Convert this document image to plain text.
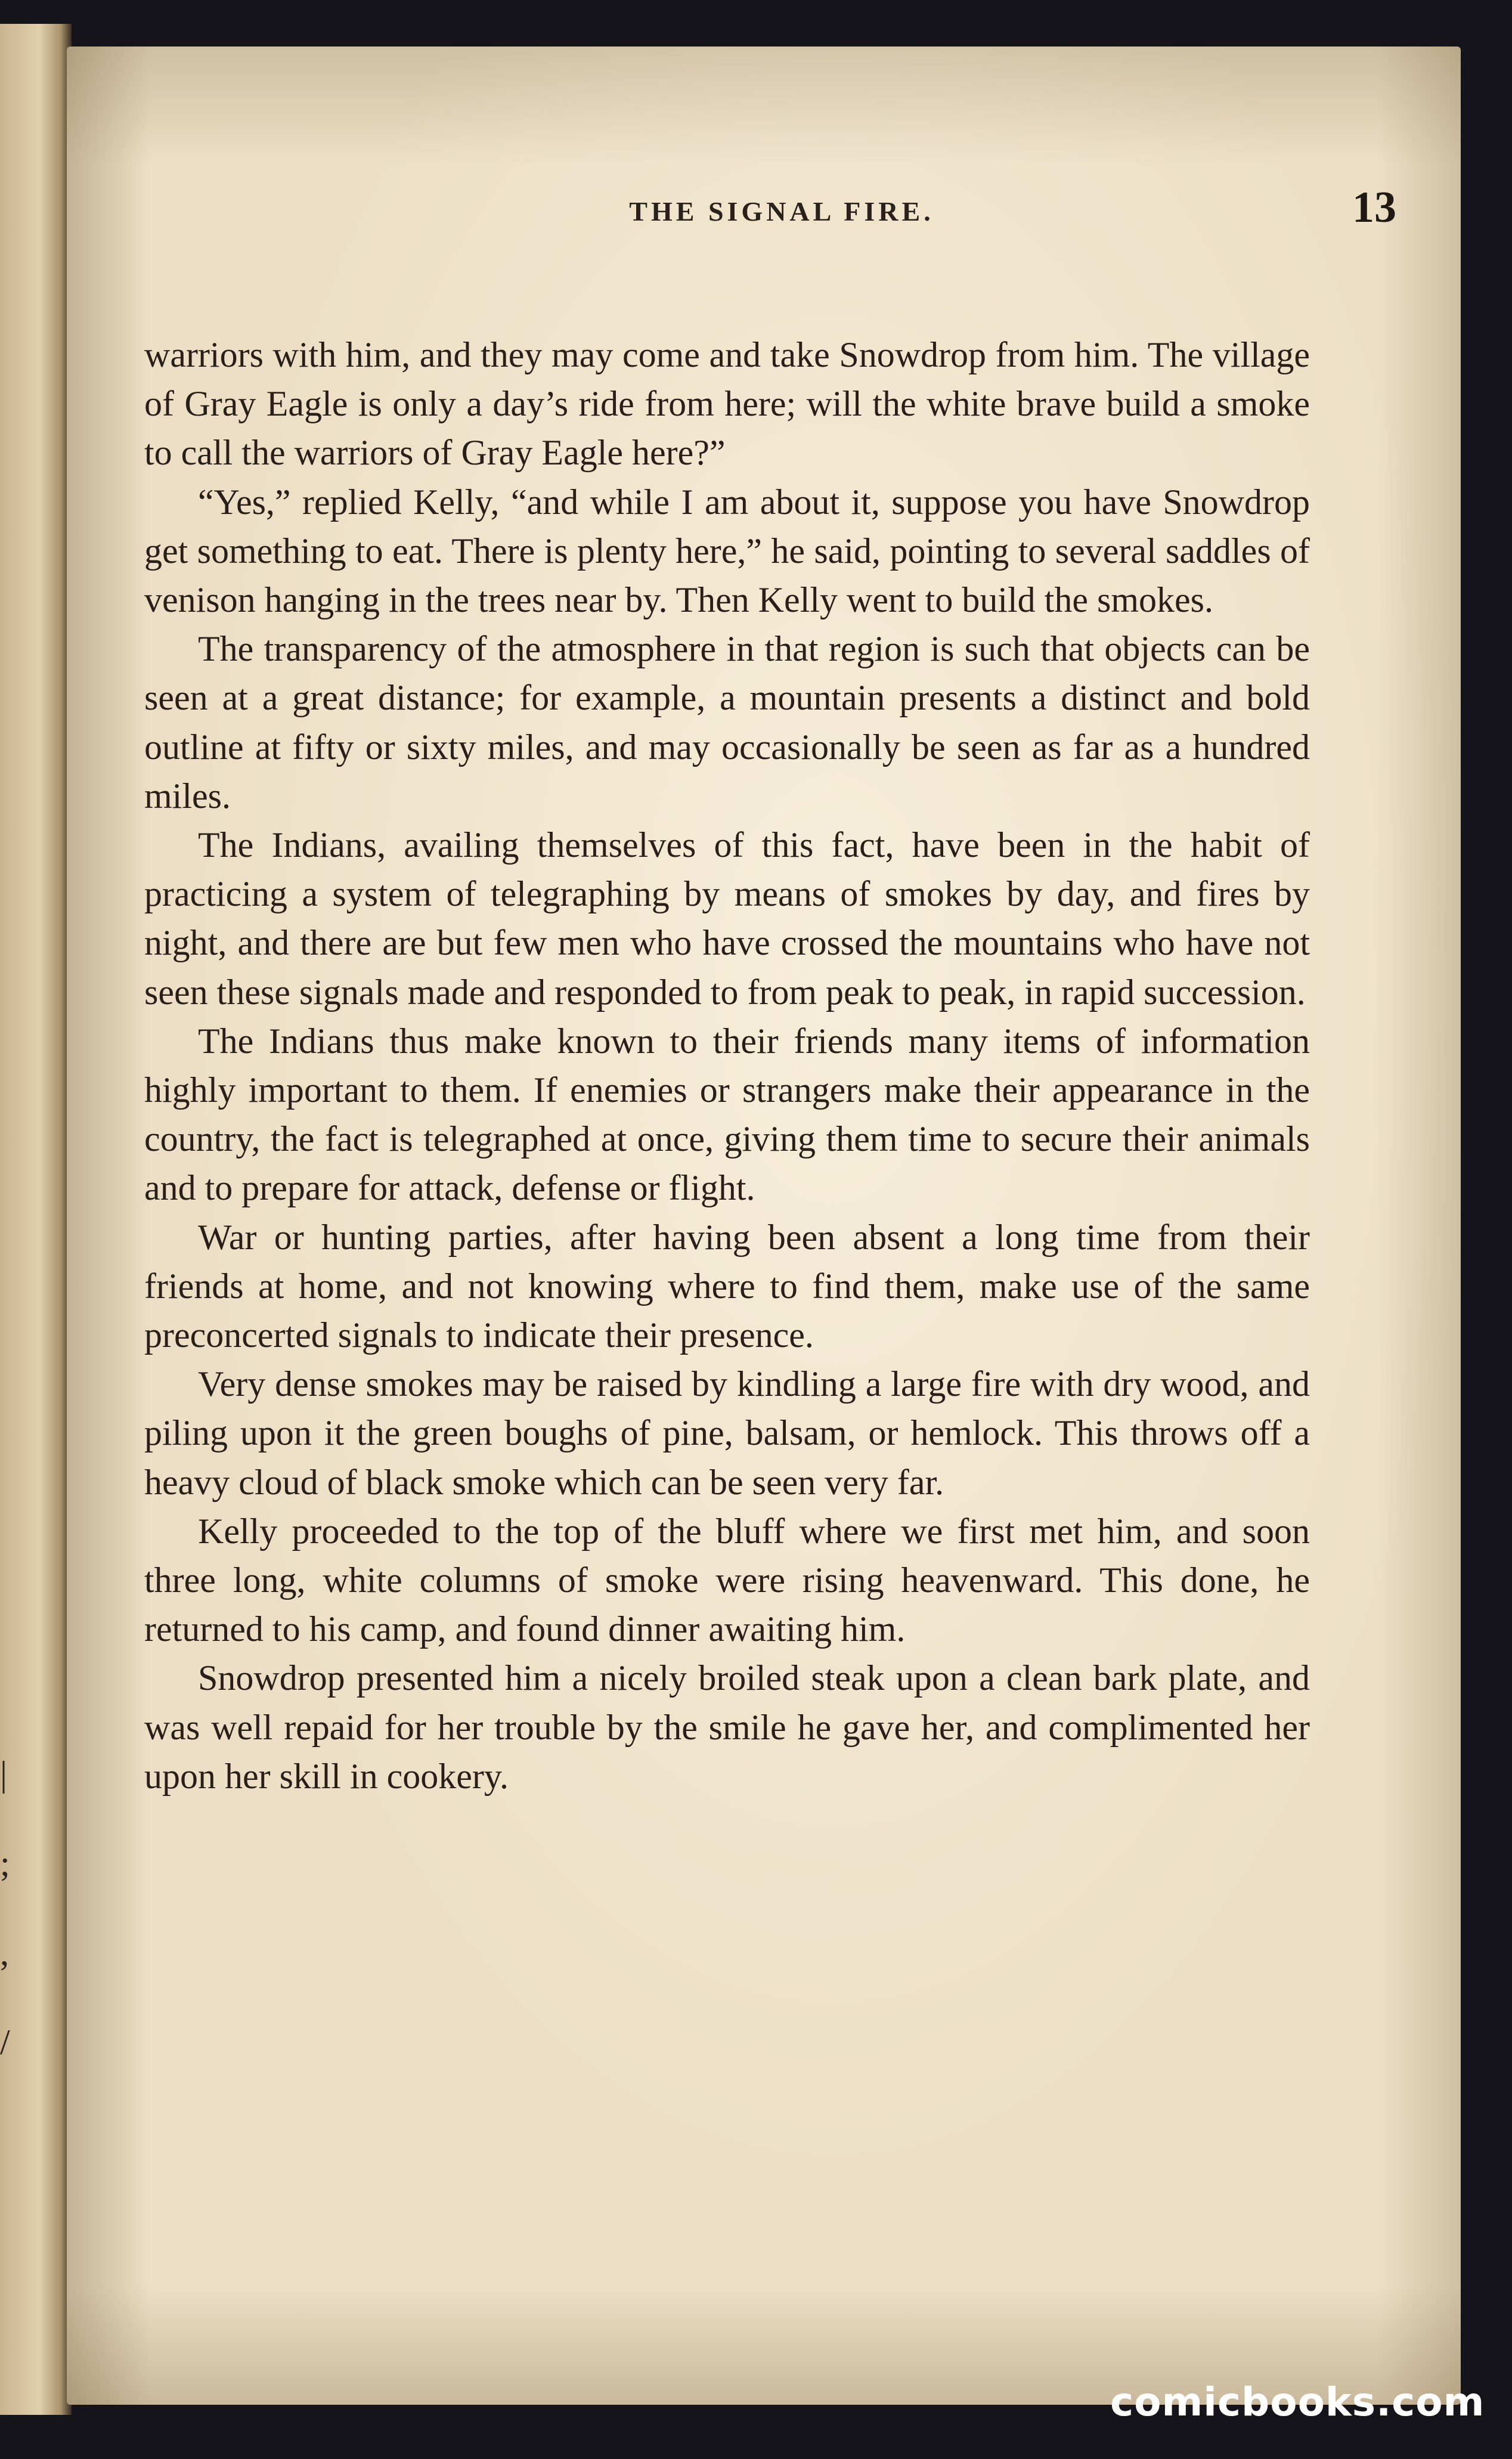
|
;
,
/
THE SIGNAL FIRE.	13

warriors with him, and they may come and take Snowdrop from him. The village of Gray Eagle is only a day’s ride from here; will the white brave build a smoke to call the warriors of Gray Eagle here?”

“Yes,” replied Kelly, “and while I am about it, suppose you have Snowdrop get something to eat. There is plenty here,” he said, pointing to several saddles of venison hanging in the trees near by. Then Kelly went to build the smokes.

The transparency of the atmosphere in that region is such that objects can be seen at a great distance; for example, a mountain presents a distinct and bold outline at fifty or sixty miles, and may occasionally be seen as far as a hundred miles.

The Indians, availing themselves of this fact, have been in the habit of practicing a system of telegraphing by means of smokes by day, and fires by night, and there are but few men who have crossed the mountains who have not seen these signals made and responded to from peak to peak, in rapid succession.

The Indians thus make known to their friends many items of information highly important to them. If enemies or strangers make their appearance in the country, the fact is telegraphed at once, giving them time to secure their animals and to prepare for attack, defense or flight.

War or hunting parties, after having been absent a long time from their friends at home, and not knowing where to find them, make use of the same preconcerted signals to indicate their presence.

Very dense smokes may be raised by kindling a large fire with dry wood, and piling upon it the green boughs of pine, balsam, or hemlock. This throws off a heavy cloud of black smoke which can be seen very far.

Kelly proceeded to the top of the bluff where we first met him, and soon three long, white columns of smoke were rising heavenward. This done, he returned to his camp, and found dinner awaiting him.

Snowdrop presented him a nicely broiled steak upon a clean bark plate, and was well repaid for her trouble by the smile he gave her, and complimented her upon her skill in cookery.

comicbooks.com
